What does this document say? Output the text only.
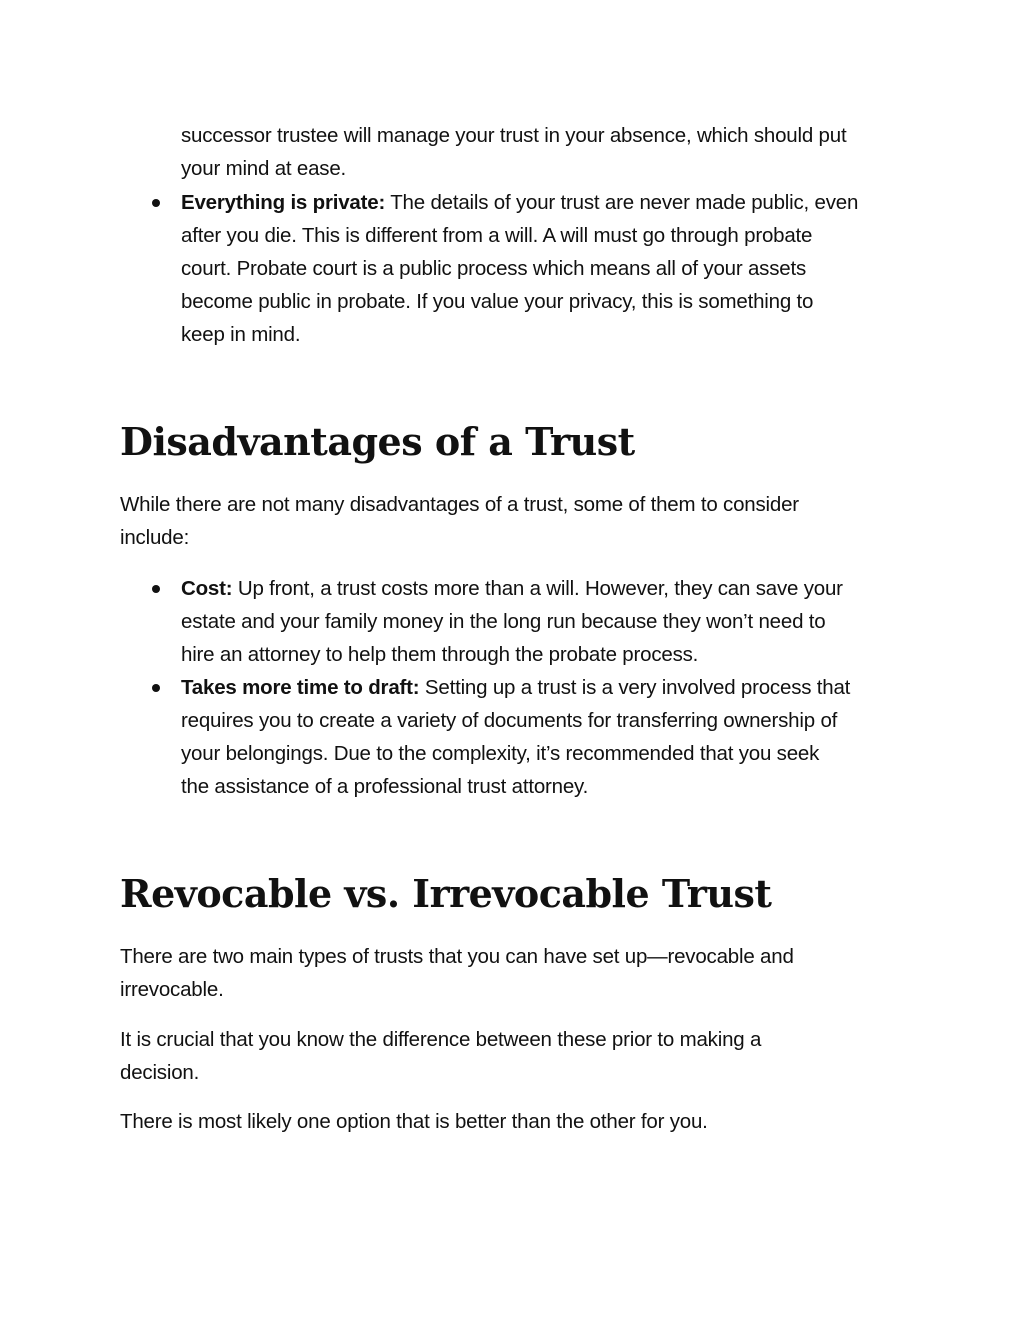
successor trustee will manage your trust in your absence, which should put
your mind at ease.
Everything is private: The details of your trust are never made public, even
after you die. This is different from a will. A will must go through probate
court. Probate court is a public process which means all of your assets
become public in probate. If you value your privacy, this is something to
keep in mind.
Disadvantages of a Trust
While there are not many disadvantages of a trust, some of them to consider
include:
Cost: Up front, a trust costs more than a will. However, they can save your
estate and your family money in the long run because they won’t need to
hire an attorney to help them through the probate process.
Takes more time to draft: Setting up a trust is a very involved process that
requires you to create a variety of documents for transferring ownership of
your belongings. Due to the complexity, it’s recommended that you seek
the assistance of a professional trust attorney.
Revocable vs. Irrevocable Trust
There are two main types of trusts that you can have set up—revocable and
irrevocable.
It is crucial that you know the difference between these prior to making a
decision.
There is most likely one option that is better than the other for you.
